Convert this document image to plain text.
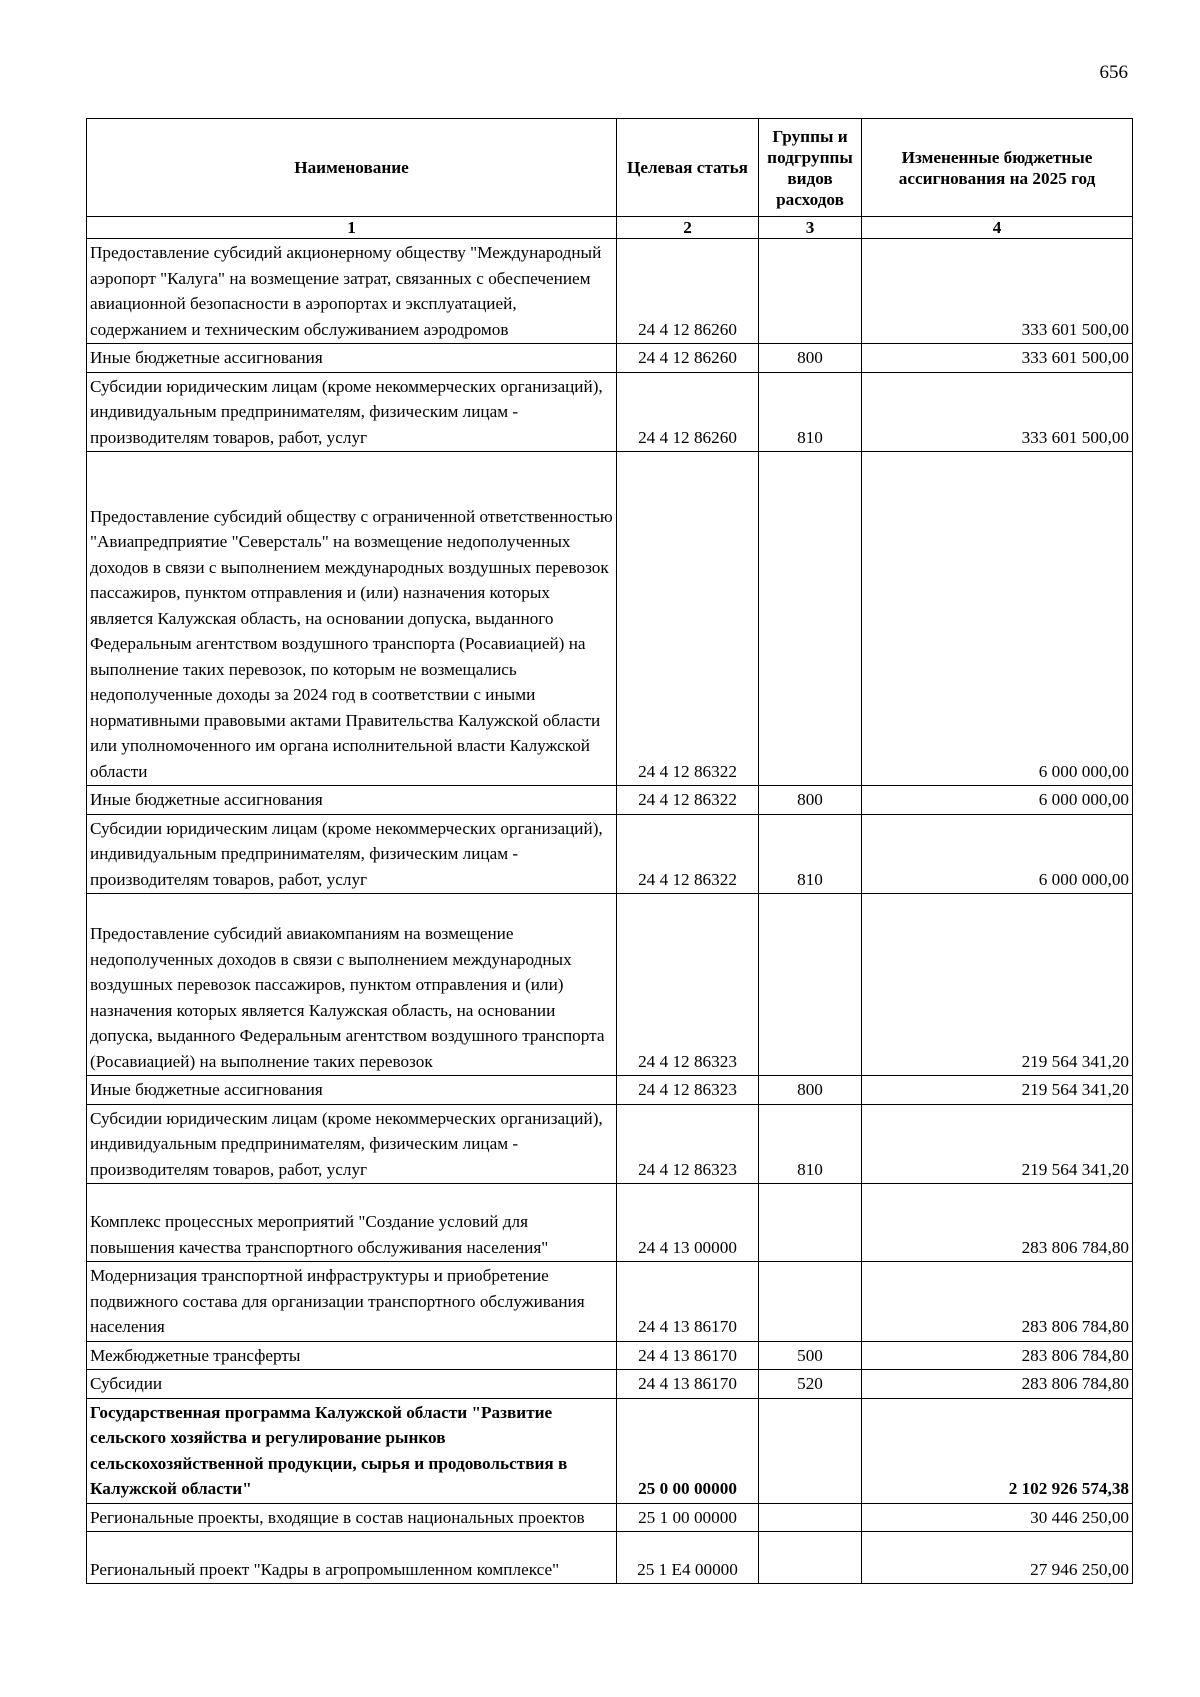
656
Наименование	Целевая статья	Группы и подгруппы видов расходов	Измененные бюджетные ассигнования на 2025 год
1	2	3	4
Предоставление субсидий акционерному обществу "Международный аэропорт "Калуга" на возмещение затрат, связанных с обеспечением авиационной безопасности в аэропортах и эксплуатацией, содержанием и техническим обслуживанием аэродромов	24 4 12 86260		333 601 500,00
Иные бюджетные ассигнования	24 4 12 86260	800	333 601 500,00
Субсидии юридическим лицам (кроме некоммерческих организаций), индивидуальным предпринимателям, физическим лицам - производителям товаров, работ, услуг	24 4 12 86260	810	333 601 500,00
Предоставление субсидий обществу с ограниченной ответственностью "Авиапредприятие "Северсталь" на возмещение недополученных доходов в связи с выполнением международных воздушных перевозок пассажиров, пунктом отправления и (или) назначения которых является Калужская область, на основании допуска, выданного Федеральным агентством воздушного транспорта (Росавиацией) на выполнение таких перевозок, по которым не возмещались недополученные доходы за 2024 год в соответствии с иными нормативными правовыми актами Правительства Калужской области или уполномоченного им органа исполнительной власти Калужской области	24 4 12 86322		6 000 000,00
Иные бюджетные ассигнования	24 4 12 86322	800	6 000 000,00
Субсидии юридическим лицам (кроме некоммерческих организаций), индивидуальным предпринимателям, физическим лицам - производителям товаров, работ, услуг	24 4 12 86322	810	6 000 000,00
Предоставление субсидий авиакомпаниям на возмещение недополученных доходов в связи с выполнением международных воздушных перевозок пассажиров, пунктом отправления и (или) назначения которых является Калужская область, на основании допуска, выданного Федеральным агентством воздушного транспорта (Росавиацией) на выполнение таких перевозок	24 4 12 86323		219 564 341,20
Иные бюджетные ассигнования	24 4 12 86323	800	219 564 341,20
Субсидии юридическим лицам (кроме некоммерческих организаций), индивидуальным предпринимателям, физическим лицам - производителям товаров, работ, услуг	24 4 12 86323	810	219 564 341,20
Комплекс процессных мероприятий "Создание условий для повышения качества транспортного обслуживания населения"	24 4 13 00000		283 806 784,80
Модернизация транспортной инфраструктуры и приобретение подвижного состава для организации транспортного обслуживания населения	24 4 13 86170		283 806 784,80
Межбюджетные трансферты	24 4 13 86170	500	283 806 784,80
Субсидии	24 4 13 86170	520	283 806 784,80
Государственная программа Калужской области "Развитие сельского хозяйства и регулирование рынков сельскохозяйственной продукции, сырья и продовольствия в Калужской области"	25 0 00 00000		2 102 926 574,38
Региональные проекты, входящие в состав национальных проектов	25 1 00 00000		30 446 250,00
Региональный проект "Кадры в агропромышленном комплексе"	25 1 Е4 00000		27 946 250,00
